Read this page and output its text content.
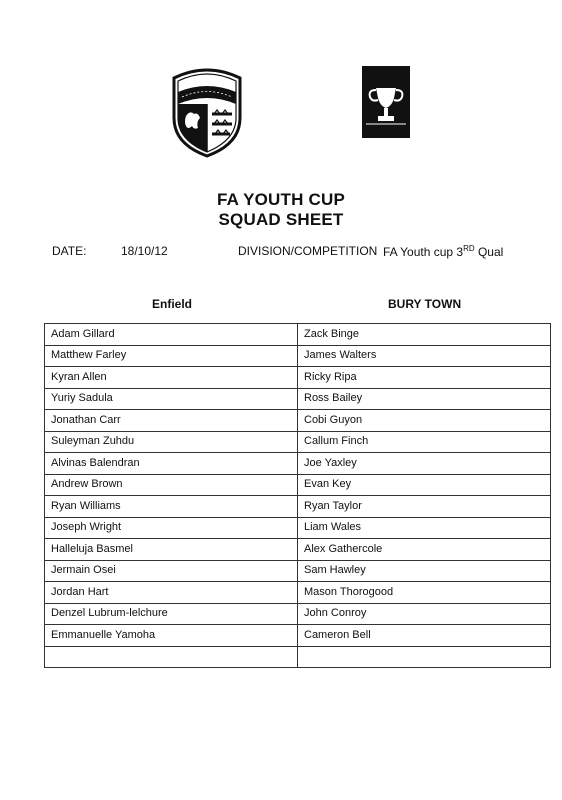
FA YOUTH CUP
SQUAD SHEET
DATE:	18/10/12	DIVISION/COMPETITION FA Youth cup 3RD Qual
Enfield	BURY TOWN
Adam Gillard	Zack Binge
Matthew Farley	James Walters
Kyran Allen	Ricky Ripa
Yuriy Sadula	Ross Bailey
Jonathan Carr	Cobi Guyon
Suleyman Zuhdu	Callum Finch
Alvinas Balendran	Joe Yaxley
Andrew Brown	Evan Key
Ryan Williams	Ryan Taylor
Joseph Wright	Liam Wales
Halleluja Basmel	Alex Gathercole
Jermain Osei	Sam Hawley
Jordan Hart	Mason Thorogood
Denzel Lubrum-lelchure	John Conroy
Emmanuelle Yamoha	Cameron Bell
